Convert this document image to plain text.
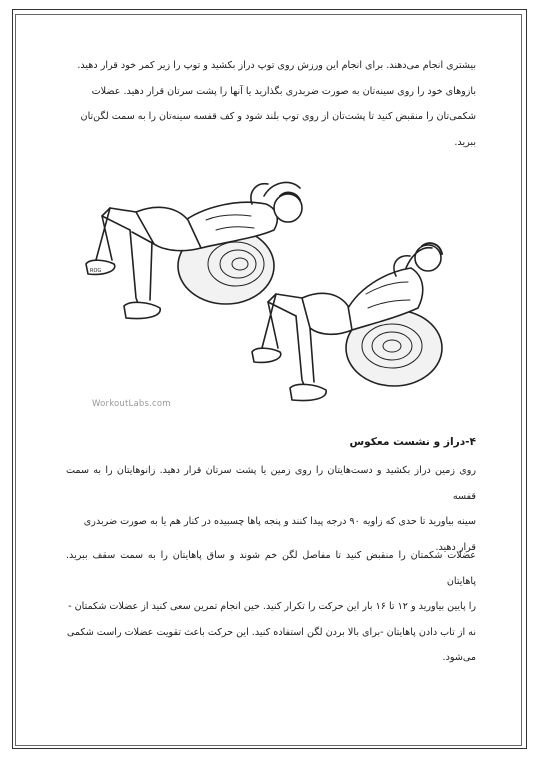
بیشتری انجام می‌دهند. برای انجام این ورزش روی توپ دراز بکشید و توپ را زیر کمر خود قرار دهید.

بازوهای خود را روی سینه‌تان به صورت ضربدری بگذارید یا آنها را پشت سرتان قرار دهید. عضلات

شکمی‌تان را منقبض کنید تا پشت‌تان از روی توپ بلند شود و کف قفسه سینه‌تان را به سمت لگن‌تان

ببرید.

ROG
WorkoutLabs.com

۴-دراز و نشست معکوس

روی زمین دراز بکشید و دست‌هایتان را روی زمین یا پشت سرتان قرار دهید. زانوهایتان را به سمت قفسه

سینه بیاورید تا حدی که زاویه ۹۰ درجه پیدا کنند و پنجه پاها چسبیده در کنار هم یا به صورت ضربدری

قرار دهید.

عضلات شکمتان را منقبض کنید تا مفاصل لگن خم شوند و ساق پاهایتان را به سمت سقف ببرید. پاهایتان

را پایین بیاورید و ۱۲ تا ۱۶ بار این حرکت را تکرار کنید. حین انجام تمرین سعی کنید از عضلات شکمتان -

نه از تاب دادن پاهایتان -برای بالا بردن لگن استفاده کنید. این حرکت باعث تقویت عضلات راست شکمی

می‌شود.
